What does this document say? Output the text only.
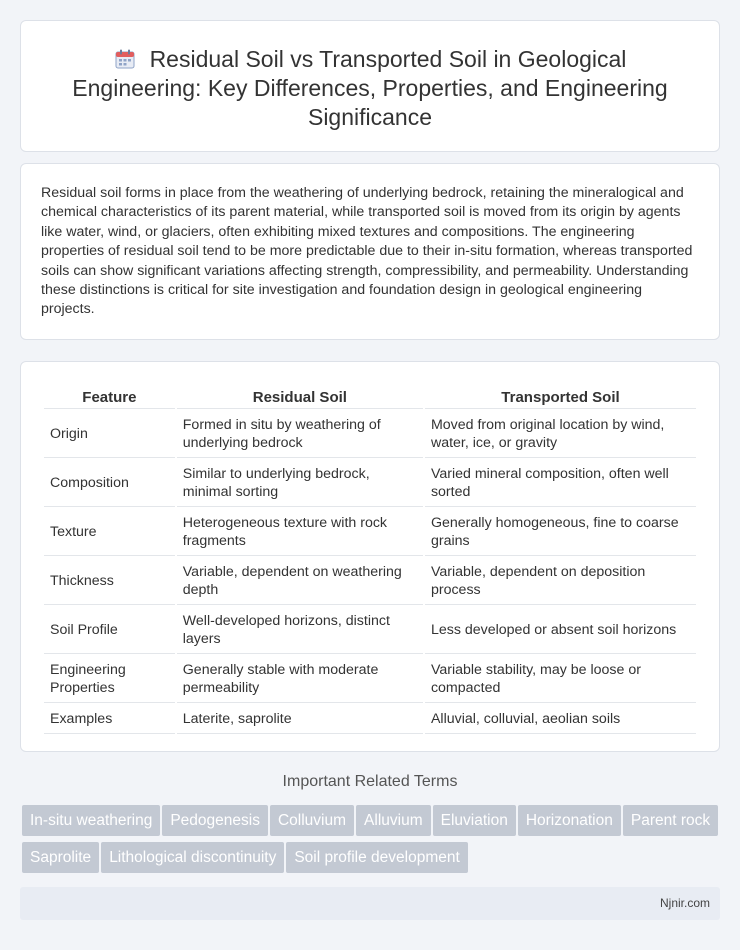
Residual Soil vs Transported Soil in Geological Engineering: Key Differences, Properties, and Engineering Significance

Residual soil forms in place from the weathering of underlying bedrock, retaining the mineralogical and chemical characteristics of its parent material, while transported soil is moved from its origin by agents like water, wind, or glaciers, often exhibiting mixed textures and compositions. The engineering properties of residual soil tend to be more predictable due to their in-situ formation, whereas transported soils can show significant variations affecting strength, compressibility, and permeability. Understanding these distinctions is critical for site investigation and foundation design in geological engineering projects.

Feature	Residual Soil	Transported Soil
Origin	Formed in situ by weathering of underlying bedrock	Moved from original location by wind, water, ice, or gravity
Composition	Similar to underlying bedrock, minimal sorting	Varied mineral composition, often well sorted
Texture	Heterogeneous texture with rock fragments	Generally homogeneous, fine to coarse grains
Thickness	Variable, dependent on weathering depth	Variable, dependent on deposition process
Soil Profile	Well-developed horizons, distinct layers	Less developed or absent soil horizons
Engineering Properties	Generally stable with moderate permeability	Variable stability, may be loose or compacted
Examples	Laterite, saprolite	Alluvial, colluvial, aeolian soils
Important Related Terms
In-situ weathering Pedogenesis Colluvium Alluvium Eluviation Horizonation Parent rockSaprolite Lithological discontinuity Soil profile development
Njnir.com
